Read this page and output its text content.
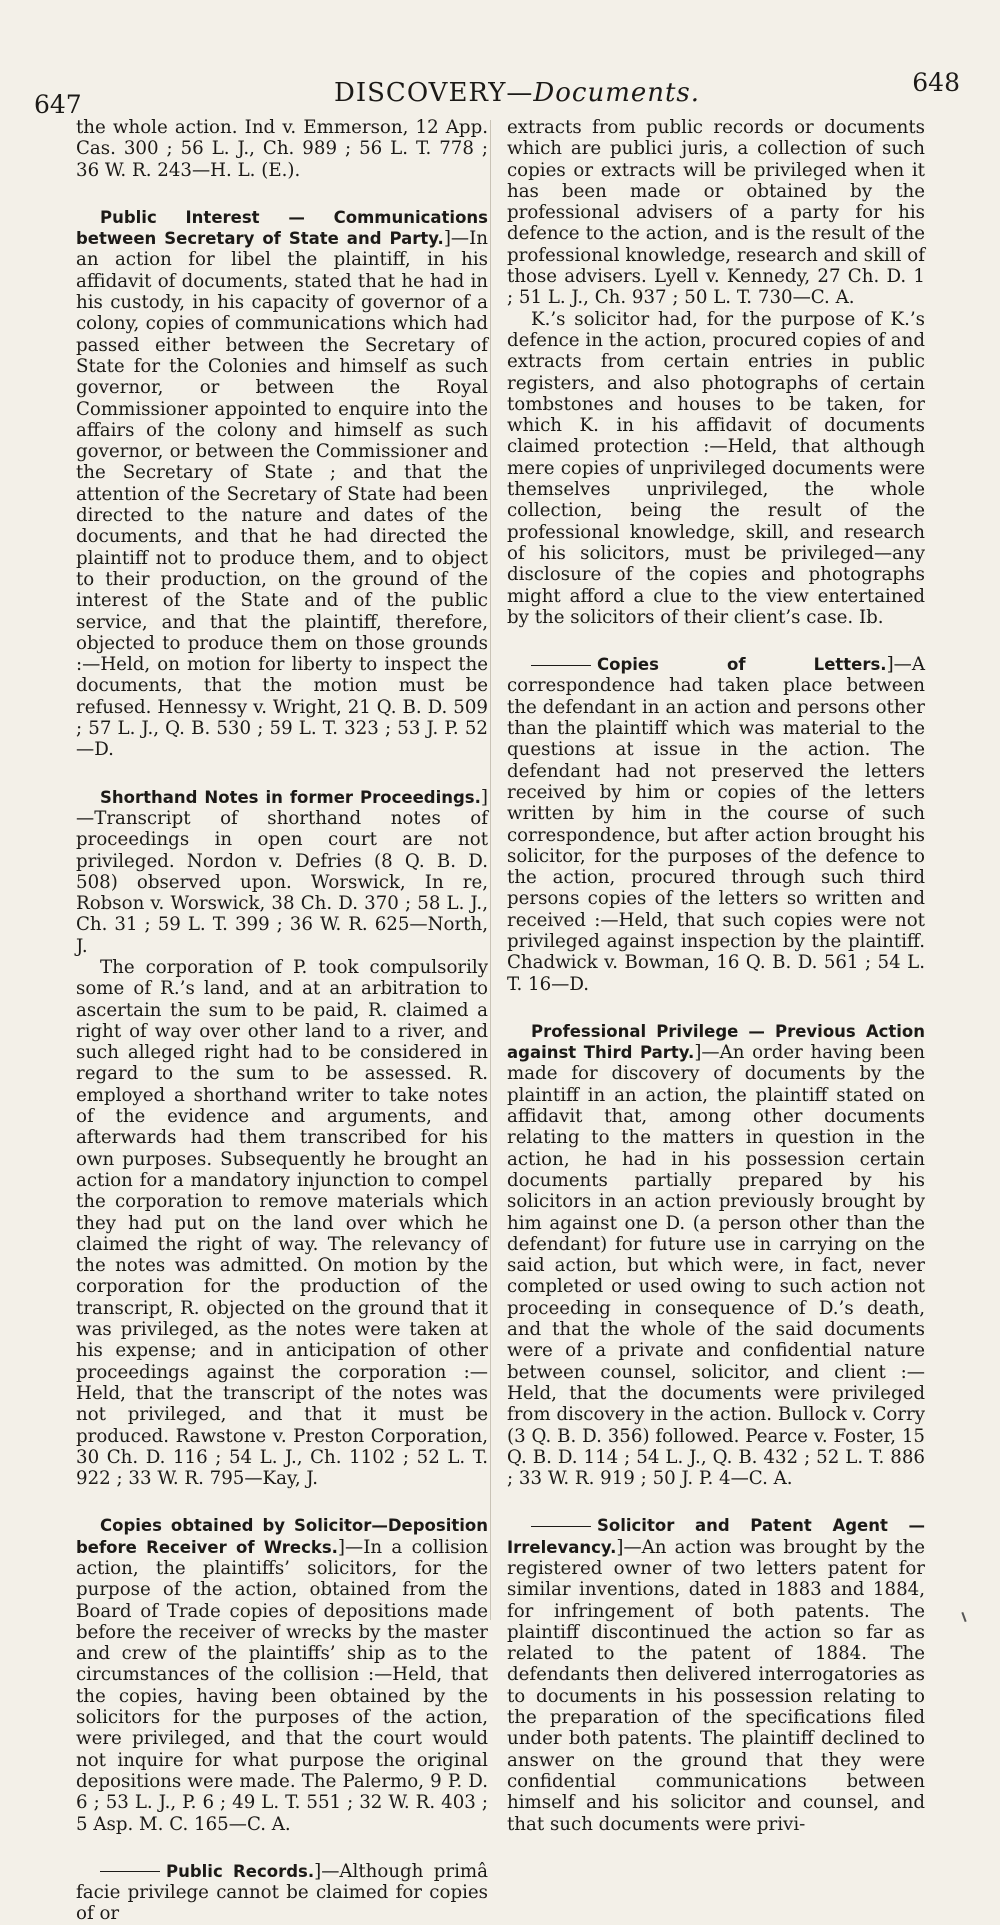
647	DISCOVERY—Documents.	648

the whole action. Ind v. Emmerson, 12 App. Cas. 300 ; 56 L. J., Ch. 989 ; 56 L. T. 778 ; 36 W. R. 243—H. L. (E.).

Public Interest — Communications between Secretary of State and Party.]—In an action for libel the plaintiff, in his affidavit of documents, stated that he had in his custody, in his capacity of governor of a colony, copies of communications which had passed either between the Secretary of State for the Colonies and himself as such governor, or between the Royal Commissioner appointed to enquire into the affairs of the colony and himself as such governor, or between the Commissioner and the Secretary of State ; and that the attention of the Secretary of State had been directed to the nature and dates of the documents, and that he had directed the plaintiff not to produce them, and to object to their production, on the ground of the interest of the State and of the public service, and that the plaintiff, therefore, objected to produce them on those grounds :—Held, on motion for liberty to inspect the documents, that the motion must be refused. Hennessy v. Wright, 21 Q. B. D. 509 ; 57 L. J., Q. B. 530 ; 59 L. T. 323 ; 53 J. P. 52—D.

Shorthand Notes in former Proceedings.]—Transcript of shorthand notes of proceedings in open court are not privileged. Nordon v. Defries (8 Q. B. D. 508) observed upon. Worswick, In re, Robson v. Worswick, 38 Ch. D. 370 ; 58 L. J., Ch. 31 ; 59 L. T. 399 ; 36 W. R. 625—North, J.

The corporation of P. took compulsorily some of R.’s land, and at an arbitration to ascertain the sum to be paid, R. claimed a right of way over other land to a river, and such alleged right had to be considered in regard to the sum to be assessed. R. employed a shorthand writer to take notes of the evidence and arguments, and afterwards had them transcribed for his own purposes. Subsequently he brought an action for a mandatory injunction to compel the corporation to remove materials which they had put on the land over which he claimed the right of way. The relevancy of the notes was admitted. On motion by the corporation for the production of the transcript, R. objected on the ground that it was privileged, as the notes were taken at his expense; and in anticipation of other proceedings against the corporation :—Held, that the transcript of the notes was not privileged, and that it must be produced. Rawstone v. Preston Corporation, 30 Ch. D. 116 ; 54 L. J., Ch. 1102 ; 52 L. T. 922 ; 33 W. R. 795—Kay, J.

Copies obtained by Solicitor—Deposition before Receiver of Wrecks.]—In a collision action, the plaintiffs’ solicitors, for the purpose of the action, obtained from the Board of Trade copies of depositions made before the receiver of wrecks by the master and crew of the plaintiffs’ ship as to the circumstances of the collision :—Held, that the copies, having been obtained by the solicitors for the purposes of the action, were privileged, and that the court would not inquire for what purpose the original depositions were made. The Palermo, 9 P. D. 6 ; 53 L. J., P. 6 ; 49 L. T. 551 ; 32 W. R. 403 ; 5 Asp. M. C. 165—C. A.

Public Records.]—Although primâ facie privilege cannot be claimed for copies of or

extracts from public records or documents which are publici juris, a collection of such copies or extracts will be privileged when it has been made or obtained by the professional advisers of a party for his defence to the action, and is the result of the professional knowledge, research and skill of those advisers. Lyell v. Kennedy, 27 Ch. D. 1 ; 51 L. J., Ch. 937 ; 50 L. T. 730—C. A.

K.’s solicitor had, for the purpose of K.’s defence in the action, procured copies of and extracts from certain entries in public registers, and also photographs of certain tombstones and houses to be taken, for which K. in his affidavit of documents claimed protection :—Held, that although mere copies of unprivileged documents were themselves unprivileged, the whole collection, being the result of the professional knowledge, skill, and research of his solicitors, must be privileged—any disclosure of the copies and photographs might afford a clue to the view entertained by the solicitors of their client’s case. Ib.

Copies of Letters.]—A correspondence had taken place between the defendant in an action and persons other than the plaintiff which was material to the questions at issue in the action. The defendant had not preserved the letters received by him or copies of the letters written by him in the course of such correspondence, but after action brought his solicitor, for the purposes of the defence to the action, procured through such third persons copies of the letters so written and received :—Held, that such copies were not privileged against inspection by the plaintiff. Chadwick v. Bowman, 16 Q. B. D. 561 ; 54 L. T. 16—D.

Professional Privilege — Previous Action against Third Party.]—An order having been made for discovery of documents by the plaintiff in an action, the plaintiff stated on affidavit that, among other documents relating to the matters in question in the action, he had in his possession certain documents partially prepared by his solicitors in an action previously brought by him against one D. (a person other than the defendant) for future use in carrying on the said action, but which were, in fact, never completed or used owing to such action not proceeding in consequence of D.’s death, and that the whole of the said documents were of a private and confidential nature between counsel, solicitor, and client :—Held, that the documents were privileged from discovery in the action. Bullock v. Corry (3 Q. B. D. 356) followed. Pearce v. Foster, 15 Q. B. D. 114 ; 54 L. J., Q. B. 432 ; 52 L. T. 886 ; 33 W. R. 919 ; 50 J. P. 4—C. A.

Solicitor and Patent Agent — Irrelevancy.]—An action was brought by the registered owner of two letters patent for similar inventions, dated in 1883 and 1884, for infringement of both patents. The plaintiff discontinued the action so far as related to the patent of 1884. The defendants then delivered interrogatories as to documents in his possession relating to the preparation of the specifications filed under both patents. The plaintiff declined to answer on the ground that they were confidential communications between himself and his solicitor and counsel, and that such documents were privi-
